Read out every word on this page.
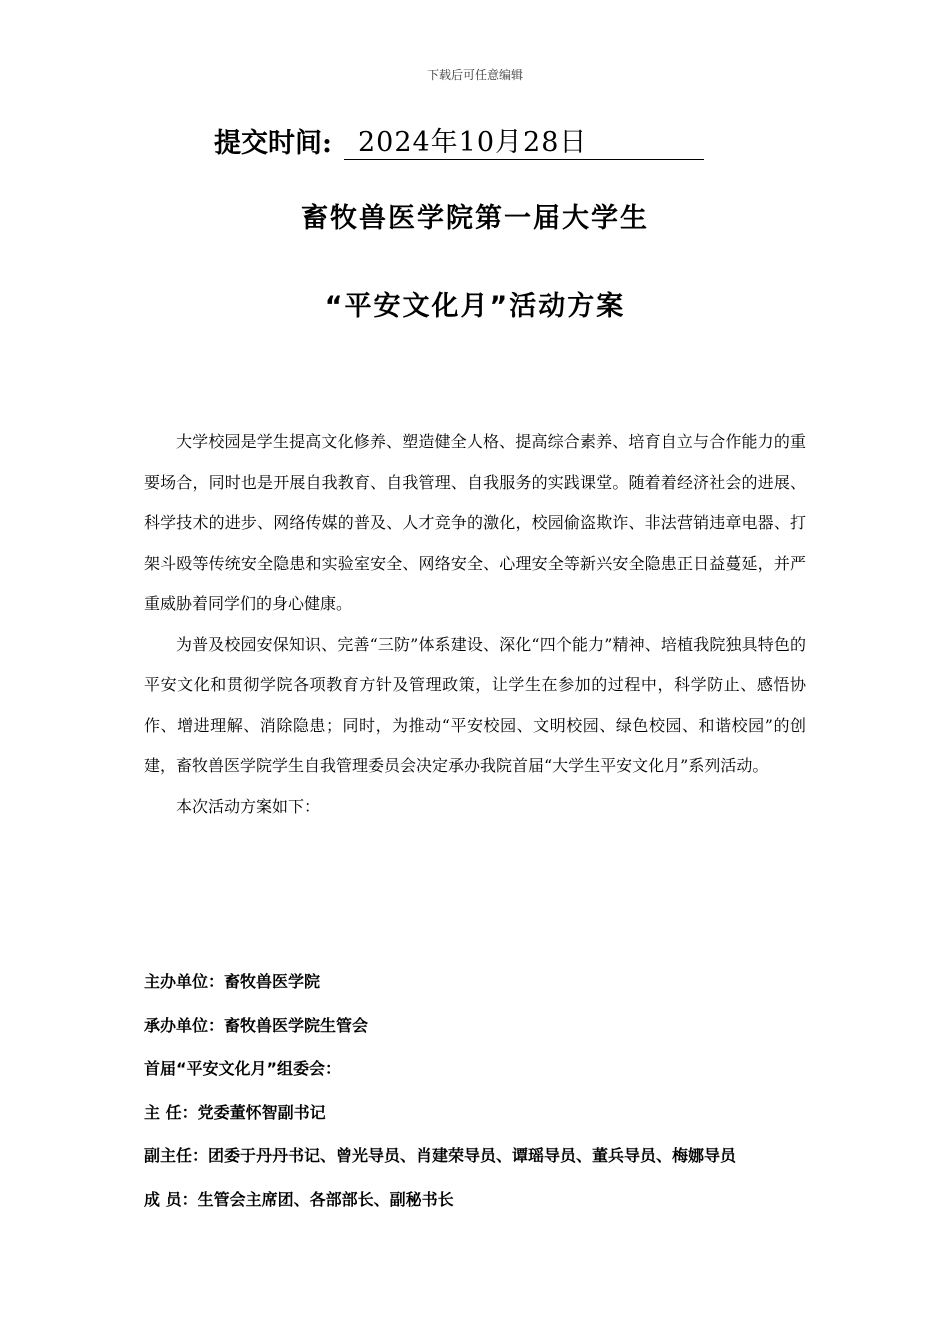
下载后可任意编辑
提交时间: 2024年10月28日
畜牧兽医学院第一届大学生
“平安文化月”活动方案

大学校园是学生提高文化修养、塑造健全人格、提高综合素养、培育自立与合作能力的重要场合，同时也是开展自我教育、自我管理、自我服务的实践课堂。随着着经济社会的进展、科学技术的进步、网络传媒的普及、人才竞争的激化，校园偷盗欺诈、非法营销违章电器、打架斗殴等传统安全隐患和实验室安全、网络安全、心理安全等新兴安全隐患正日益蔓延，并严重威胁着同学们的身心健康。

为普及校园安保知识、完善“三防”体系建设、深化“四个能力”精神、培植我院独具特色的平安文化和贯彻学院各项教育方针及管理政策，让学生在参加的过程中，科学防止、感悟协作、增进理解、消除隐患；同时，为推动“平安校园、文明校园、绿色校园、和谐校园”的创建，畜牧兽医学院学生自我管理委员会决定承办我院首届“大学生平安文化月”系列活动。

本次活动方案如下：

主办单位：畜牧兽医学院
承办单位：畜牧兽医学院生管会
首届“平安文化月”组委会：
主 任：党委董怀智副书记
副主任：团委于丹丹书记、曾光导员、肖建荣导员、谭瑶导员、董兵导员、梅娜导员
成 员：生管会主席团、各部部长、副秘书长
